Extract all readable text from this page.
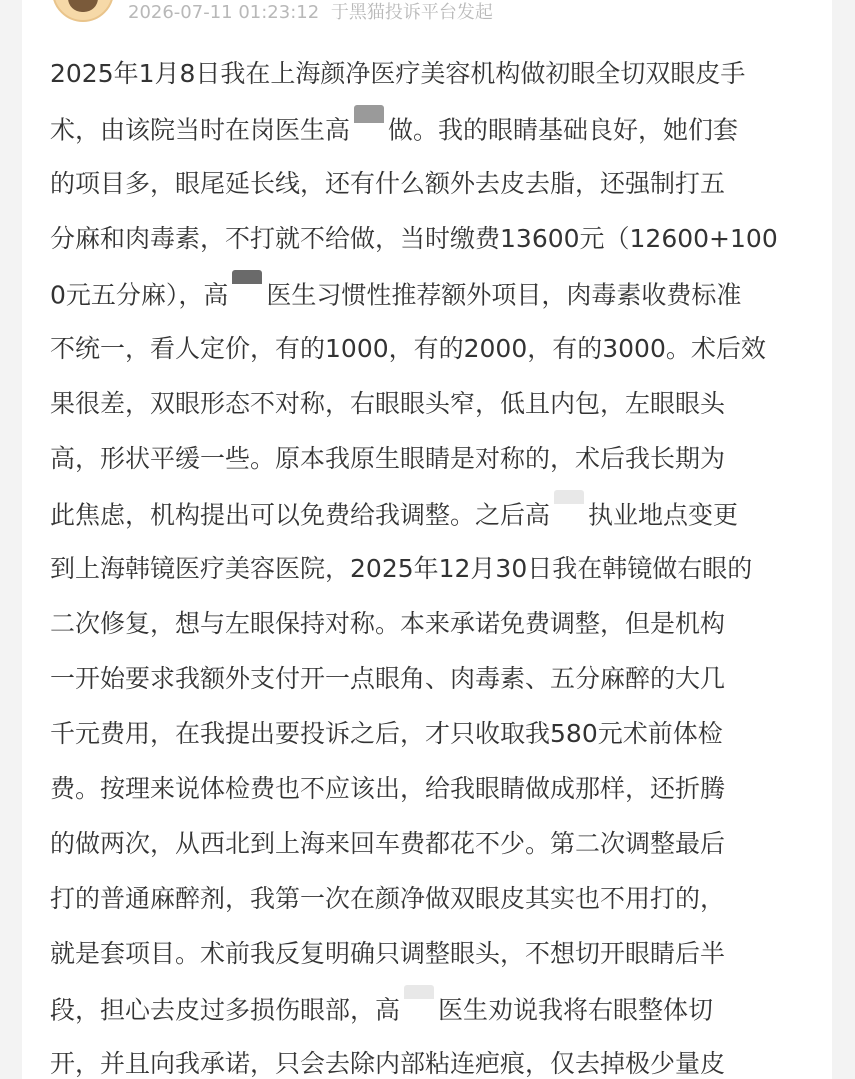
2026-07-11 01:23:12 于黑猫投诉平台发起
2025年1月8日我在上海颜净医疗美容机构做初眼全切双眼皮手
术，由该院当时在岗医生高 做。我的眼睛基础良好，她们套
的项目多，眼尾延长线，还有什么额外去皮去脂，还强制打五
分麻和肉毒素，不打就不给做，当时缴费13600元（12600+100
0元五分麻），高 医生习惯性推荐额外项目，肉毒素收费标准
不统一，看人定价，有的1000，有的2000，有的3000。术后效
果很差，双眼形态不对称，右眼眼头窄，低且内包，左眼眼头
高，形状平缓一些。原本我原生眼睛是对称的，术后我长期为
此焦虑，机构提出可以免费给我调整。之后高 执业地点变更
到上海韩镜医疗美容医院，2025年12月30日我在韩镜做右眼的
二次修复，想与左眼保持对称。本来承诺免费调整，但是机构
一开始要求我额外支付开一点眼角、肉毒素、五分麻醉的大几
千元费用，在我提出要投诉之后，才只收取我580元术前体检
费。按理来说体检费也不应该出，给我眼睛做成那样，还折腾
的做两次，从西北到上海来回车费都花不少。第二次调整最后
打的普通麻醉剂，我第一次在颜净做双眼皮其实也不用打的，
就是套项目。术前我反复明确只调整眼头，不想切开眼睛后半
段，担心去皮过多损伤眼部，高 医生劝说我将右眼整体切
开，并且向我承诺，只会去除内部粘连疤痕，仅去掉极少量皮
